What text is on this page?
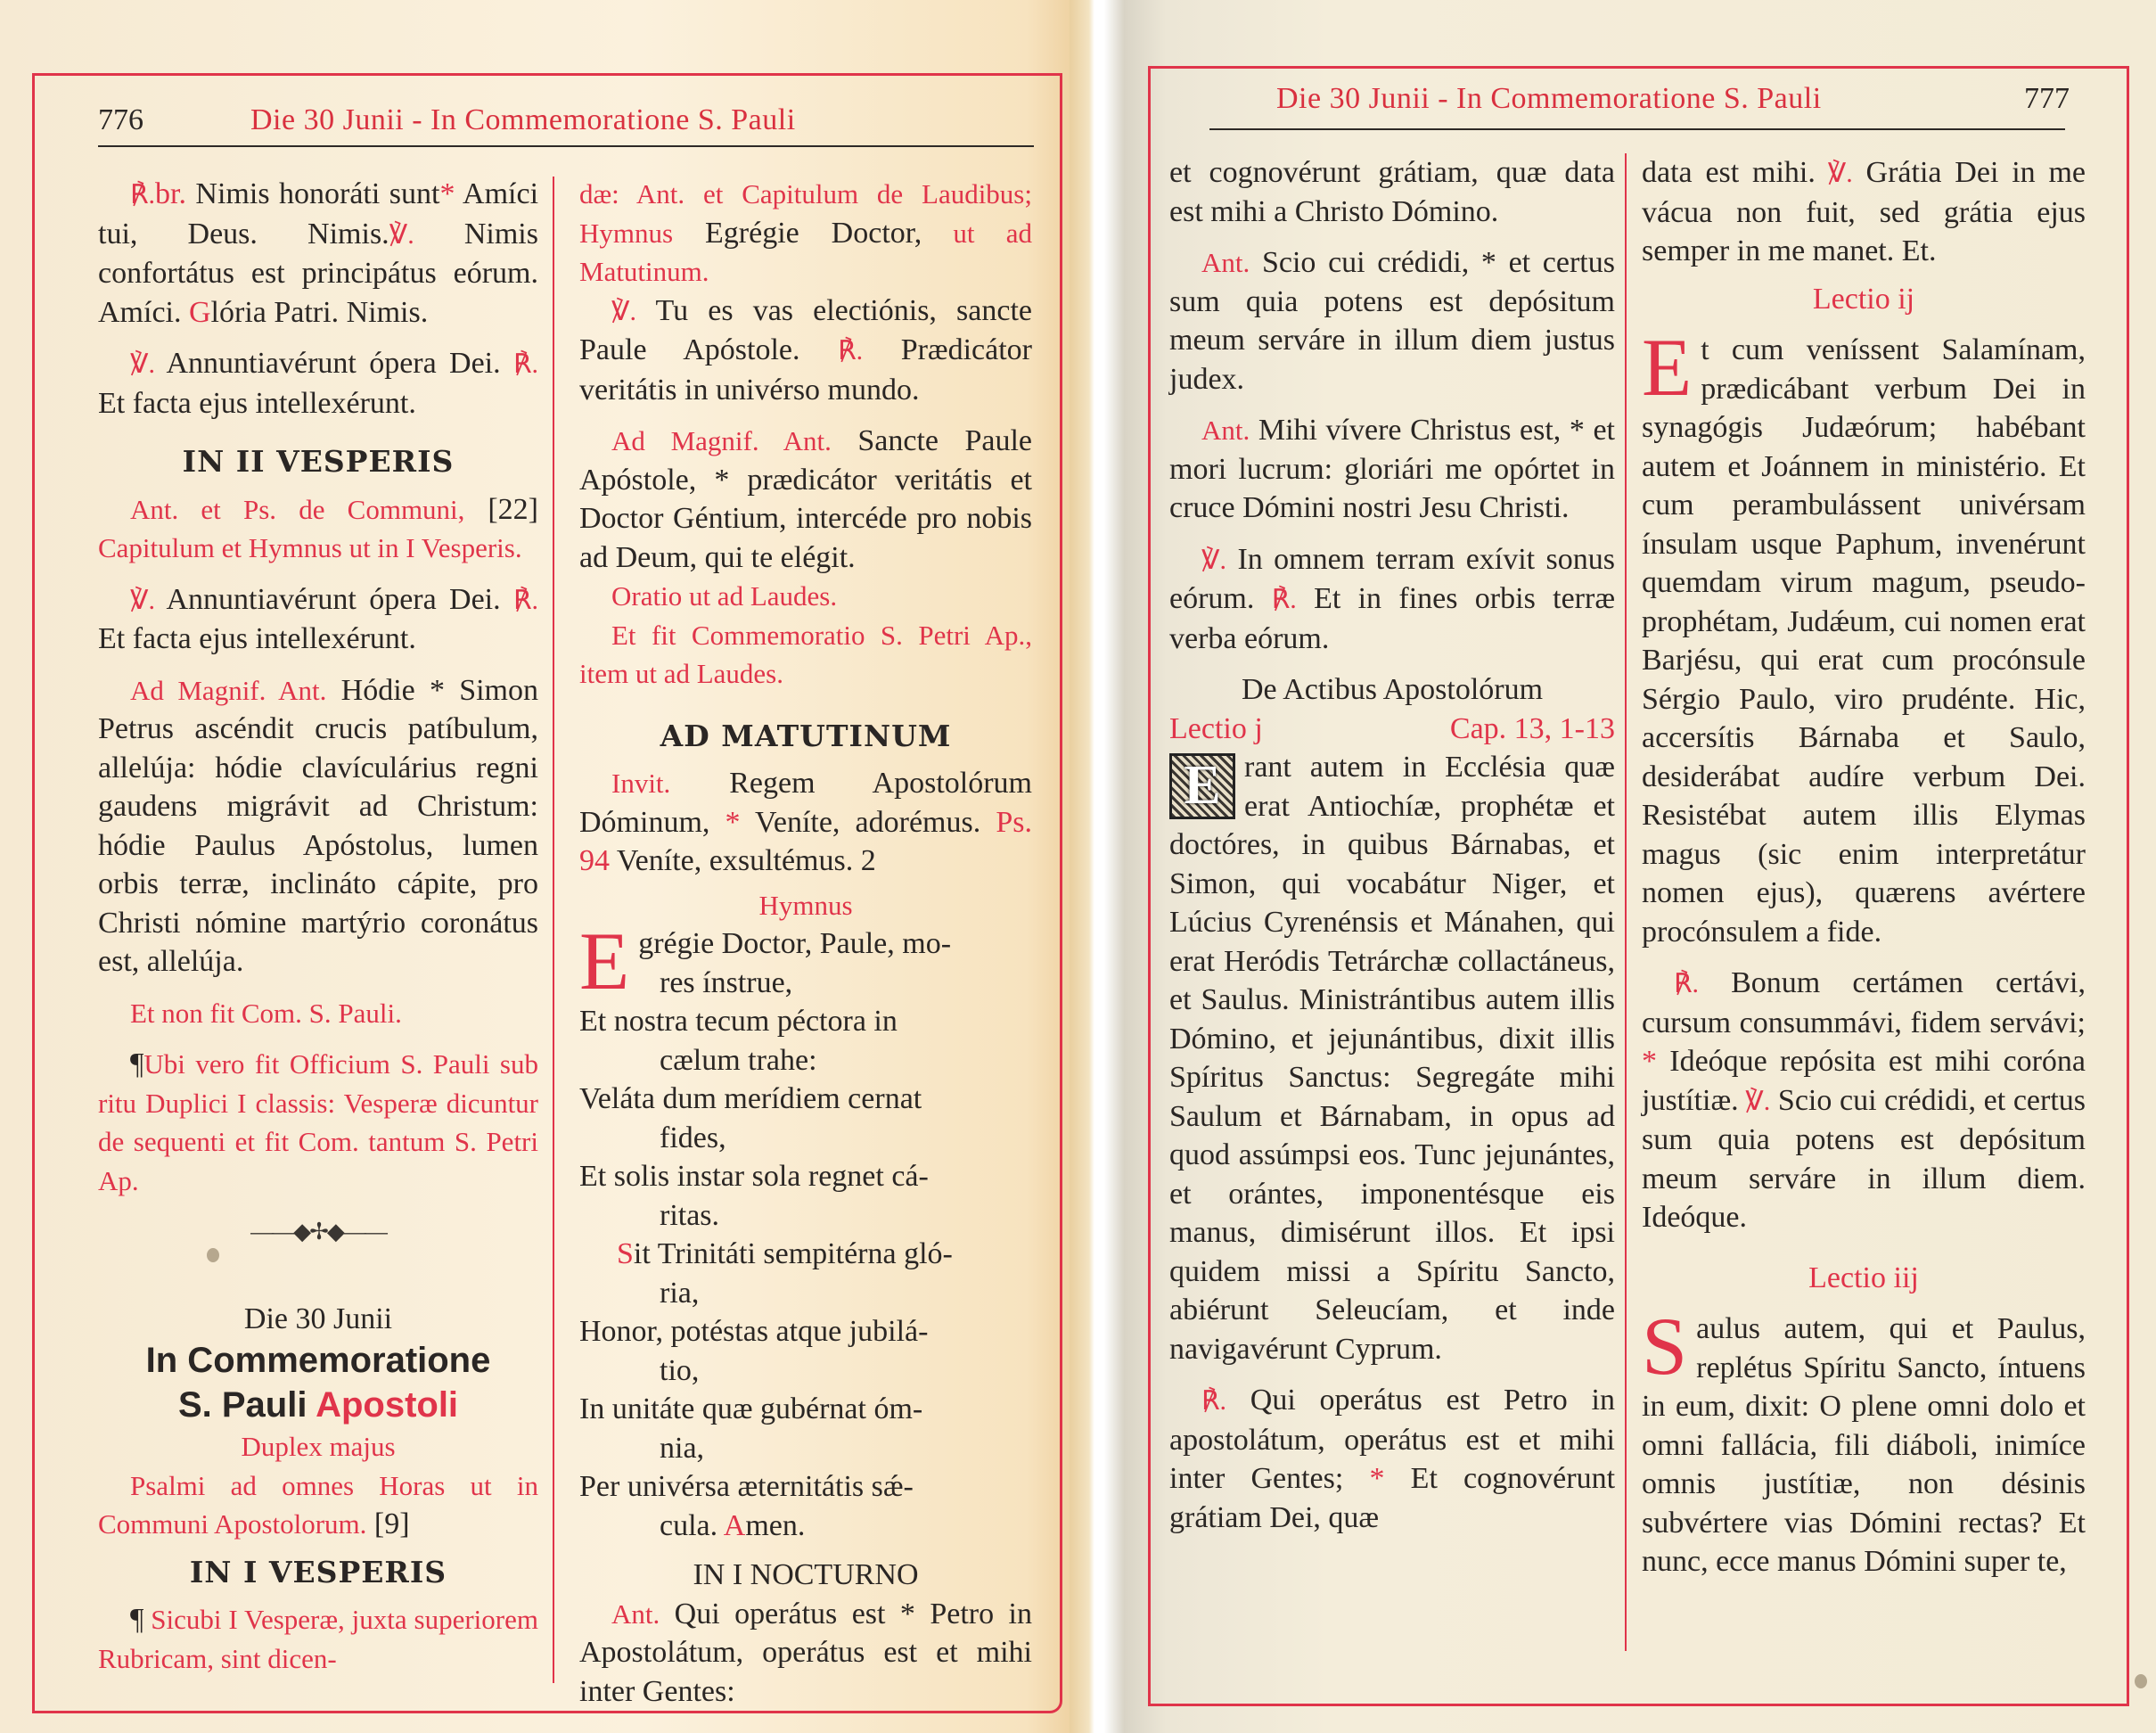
776	Die 30 Junii - In Commemoratione S. Pauli

℟.br. Nimis honoráti sunt* Amíci tui, Deus. Nimis.℣. Nimis confortátus est principátus eórum. Amíci. Glória Patri. Nimis.

℣. Annuntiavérunt ópera Dei. ℟. Et facta ejus intellexérunt.

IN II VESPERIS

Ant. et Ps. de Communi, [22] Capitulum et Hymnus ut in I Vesperis.

℣. Annuntiavérunt ópera Dei. ℟. Et facta ejus intellexérunt.

Ad Magnif. Ant. Hódie * Simon Petrus ascéndit crucis patíbulum, allelúja: hódie clavículárius regni gaudens migrávit ad Christum: hódie Paulus Apóstolus, lumen orbis terræ, inclináto cápite, pro Christi nómine martýrio coronátus est, allelúja.

Et non fit Com. S. Pauli.

¶Ubi vero fit Officium S. Pauli sub ritu Duplici I classis: Vesperæ dicuntur de sequenti et fit Com. tantum S. Petri Ap.

——◆✢◆——

Die 30 Junii

In Commemoratione

S. Pauli Apostoli

Duplex majus

Psalmi ad omnes Horas ut in Communi Apostolorum. [9]

IN I VESPERIS

¶ Sicubi I Vesperæ, juxta superiorem Rubricam, sint dicen-

dæ: Ant. et Capitulum de Laudibus; Hymnus Egrégie Doctor, ut ad Matutinum.

℣. Tu es vas electiónis, sancte Paule Apóstole. ℟. Prædicátor veritátis in univérso mundo.

Ad Magnif. Ant. Sancte Paule Apóstole, * prædicátor veritátis et Doctor Géntium, intercéde pro nobis ad Deum, qui te elégit.

Oratio ut ad Laudes.

Et fit Commemoratio S. Petri Ap., item ut ad Laudes.

AD MATUTINUM

Invit. Regem Apostolórum Dóminum, * Veníte, adorémus. Ps. 94 Veníte, exsultémus. 2

Hymnus

Egrégie Doctor, Paule, mo-

res ínstrue,

Et nostra tecum péctora in

cælum trahe:

Veláta dum merídiem cernat

fides,

Et solis instar sola regnet cá-

ritas.

Sit Trinitáti sempitérna gló-

ria,

Honor, potéstas atque jubilá-

tio,

In unitáte quæ gubérnat óm-

nia,

Per univérsa æternitátis sǽ-

cula. Amen.

IN I NOCTURNO

Ant. Qui operátus est * Petro in Apostolátum, operátus est et mihi inter Gentes:

Die 30 Junii - In Commemoratione S. Pauli	777

et cognovérunt grátiam, quæ data est mihi a Christo Dómino.

Ant. Scio cui crédidi, * et certus sum quia potens est depósitum meum serváre in illum diem justus judex.

Ant. Mihi vívere Christus est, * et mori lucrum: gloriári me opórtet in cruce Dómini nostri Jesu Christi.

℣. In omnem terram exívit sonus eórum. ℟. Et in fines orbis terræ verba eórum.

De Actibus Apostolórum

Lectio j	Cap. 13, 1-13

E rant autem in Ecclésia quæ erat Antiochíæ, prophétæ et doctóres, in quibus Bárnabas, et Simon, qui vocabátur Niger, et Lúcius Cyrenénsis et Mánahen, qui erat Heródis Tetrárchæ collactáneus, et Saulus. Ministrántibus autem illis Dómino, et jejunántibus, dixit illis Spíritus Sanctus: Segregáte mihi Saulum et Bárnabam, in opus ad quod assúmpsi eos. Tunc jejunántes, et orántes, imponentésque eis manus, dimisérunt illos. Et ipsi quidem missi a Spíritu Sancto, abiérunt Seleucíam, et inde navigavérunt Cyprum.

℟. Qui operátus est Petro in apostolátum, operátus est et mihi inter Gentes; * Et cognovérunt grátiam Dei, quæ

data est mihi. ℣. Grátia Dei in me vácua non fuit, sed grátia ejus semper in me manet. Et.

Lectio ij

Et cum veníssent Salamínam, prædicábant verbum Dei in synagógis Judæórum; habébant autem et Joánnem in ministério. Et cum perambulássent univérsam ínsulam usque Paphum, invenérunt quemdam virum magum, pseudo-prophétam, Judǽum, cui nomen erat Barjésu, qui erat cum procónsule Sérgio Paulo, viro prudénte. Hic, accersítis Bárnaba et Saulo, desiderábat audíre verbum Dei. Resistébat autem illis Elymas magus (sic enim interpretátur nomen ejus), quærens avértere procónsulem a fide.

℟. Bonum certámen certávi, cursum consummávi, fidem servávi; * Ideóque repósita est mihi coróna justítiæ. ℣. Scio cui crédidi, et certus sum quia potens est depósitum meum serváre in illum diem. Ideóque.

Lectio iij

Saulus autem, qui et Paulus, replétus Spíritu Sancto, íntuens in eum, dixit: O plene omni dolo et omni fallácia, fili diáboli, inimíce omnis justítiæ, non désinis subvértere vias Dómini rectas? Et nunc, ecce manus Dómini super te,
